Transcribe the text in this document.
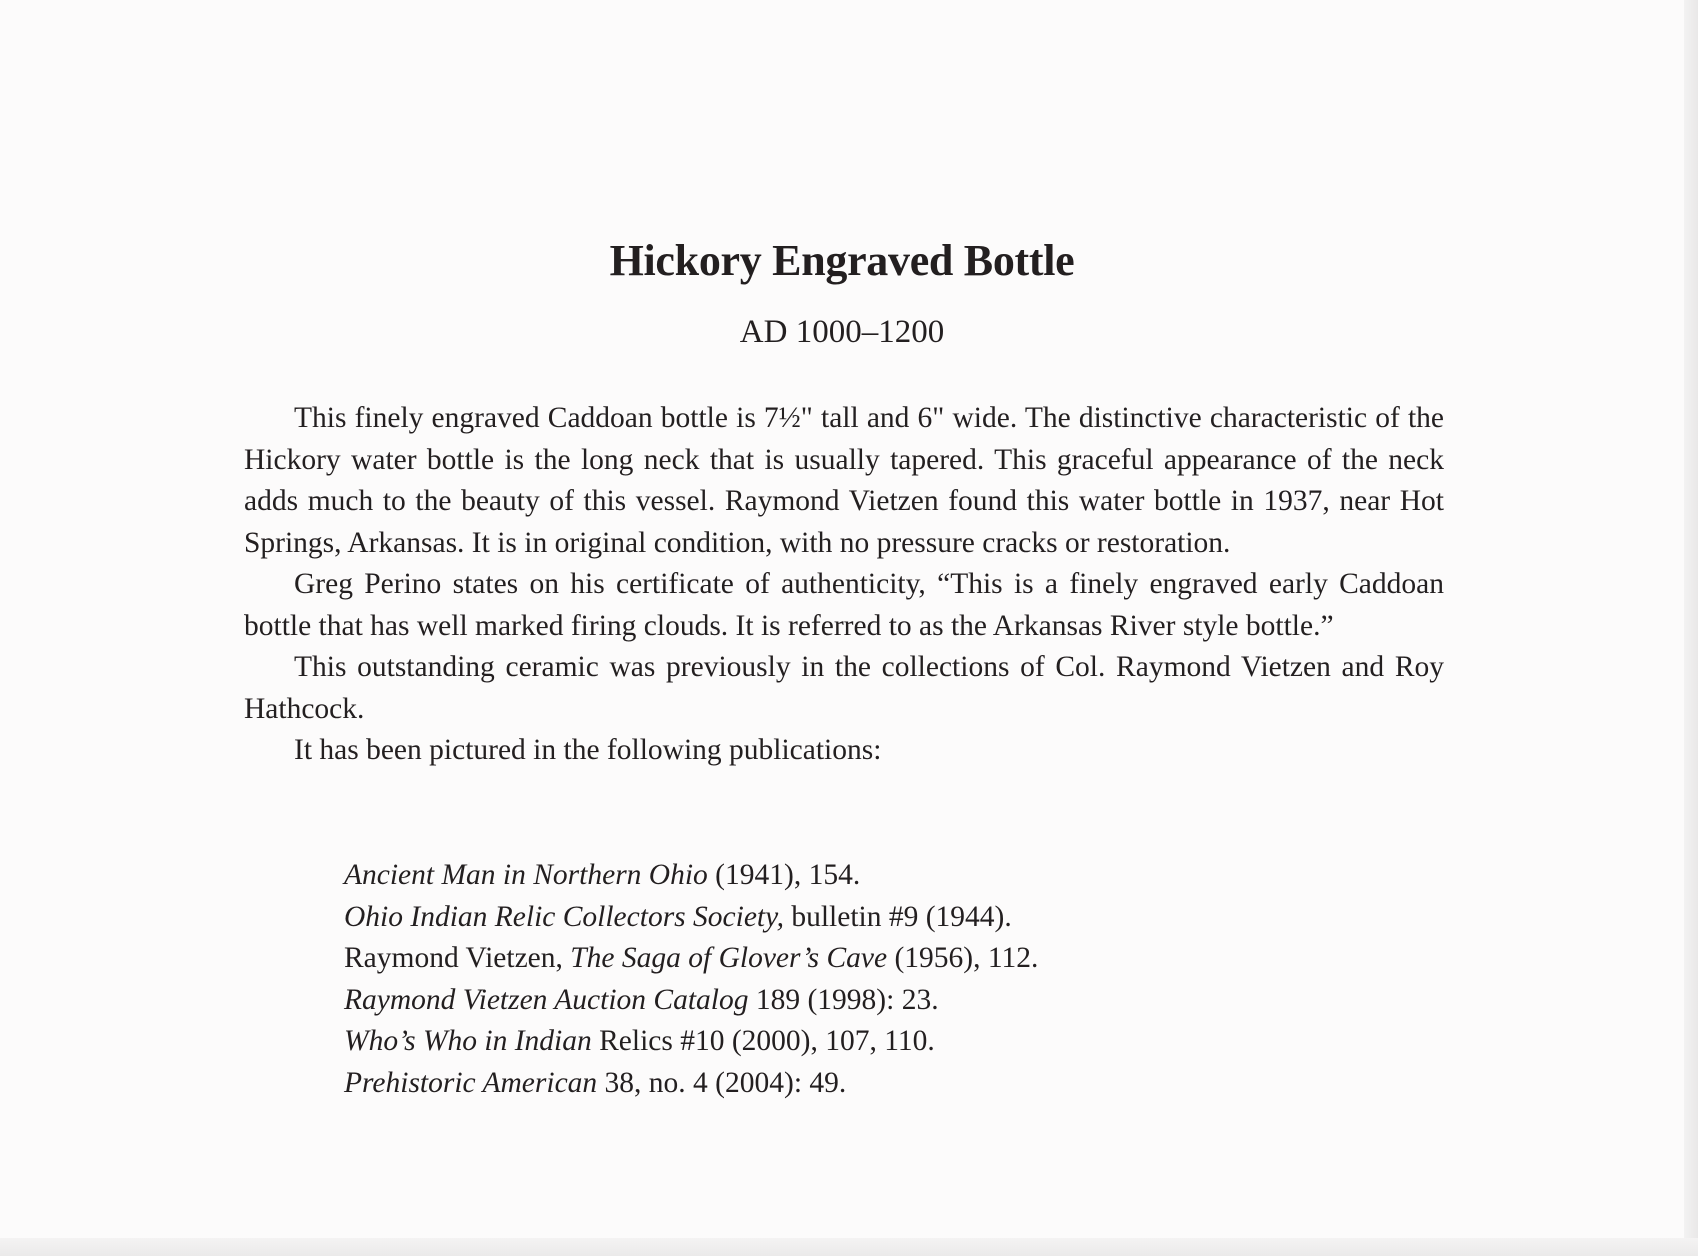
Hickory Engraved Bottle
AD 1000–1200

This finely engraved Caddoan bottle is 7½" tall and 6" wide. The distinctive characteristic of the Hickory water bottle is the long neck that is usually tapered. This graceful appearance of the neck adds much to the beauty of this vessel. Raymond Vietzen found this water bottle in 1937, near Hot Springs, Arkansas. It is in original condition, with no pressure cracks or restoration.

Greg Perino states on his certificate of authenticity, “This is a finely engraved early Caddoan bottle that has well marked firing clouds. It is referred to as the Arkansas River style bottle.”

This outstanding ceramic was previously in the collections of Col. Raymond Vietzen and Roy Hathcock.

It has been pictured in the following publications:

Ancient Man in Northern Ohio (1941), 154.
Ohio Indian Relic Collectors Society, bulletin #9 (1944).
Raymond Vietzen, The Saga of Glover’s Cave (1956), 112.
Raymond Vietzen Auction Catalog 189 (1998): 23.
Who’s Who in Indian Relics #10 (2000), 107, 110.
Prehistoric American 38, no. 4 (2004): 49.
